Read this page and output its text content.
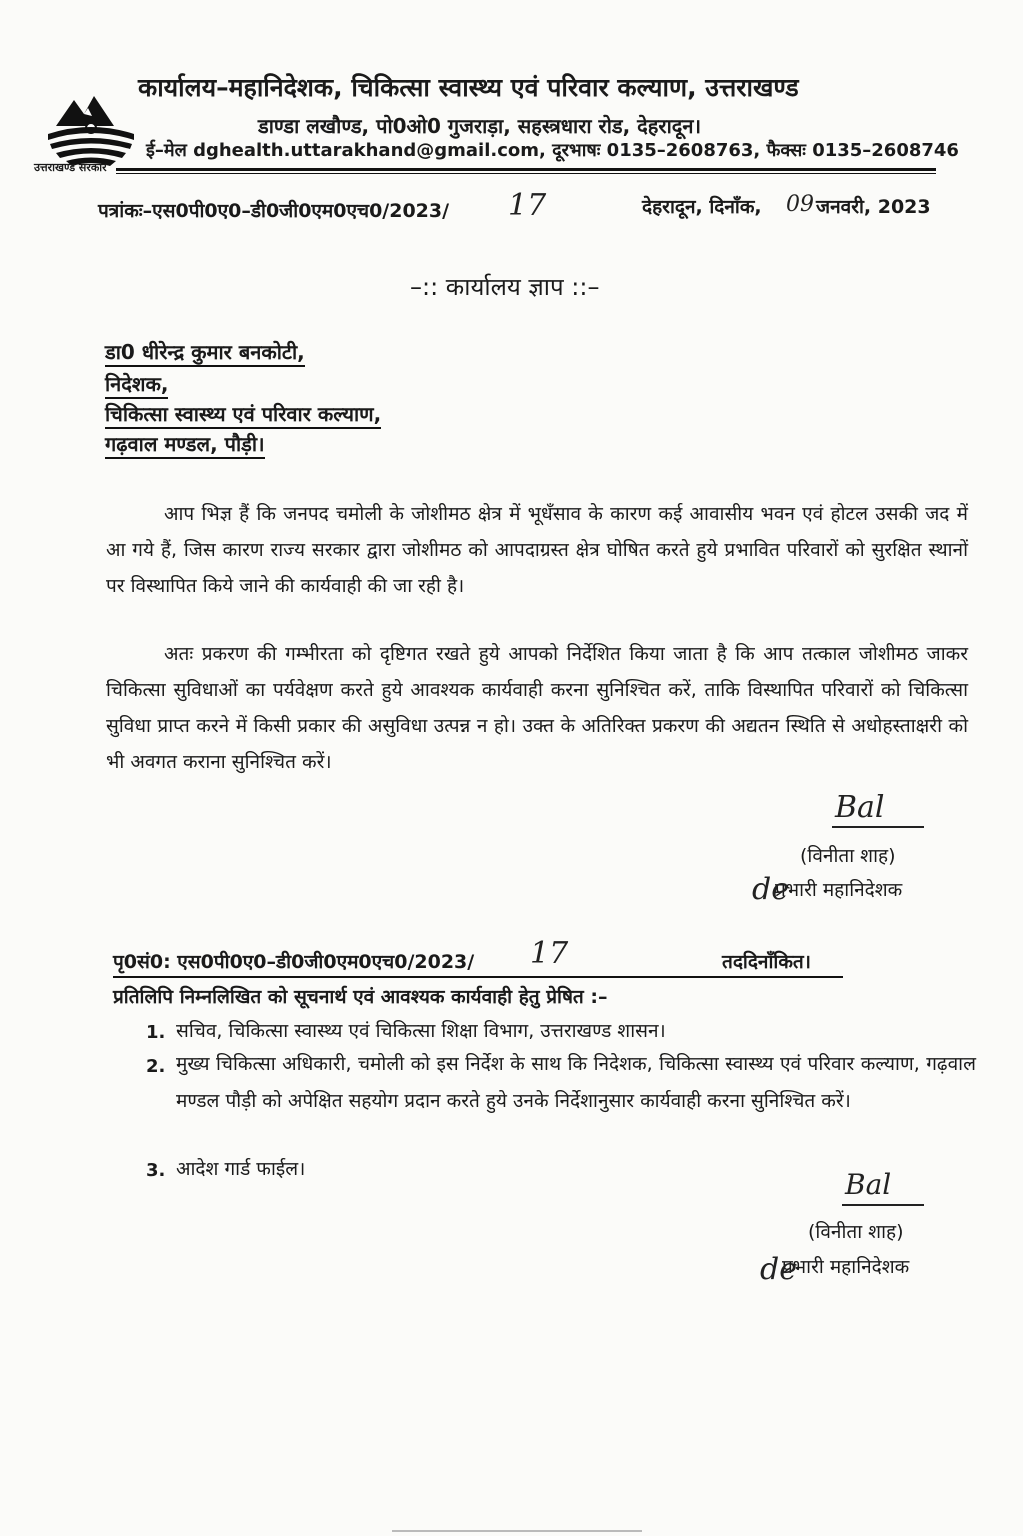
उत्तराखण्ड सरकार
कार्यालय–महानिदेशक, चिकित्सा स्वास्थ्य एवं परिवार कल्याण, उत्तराखण्ड
डाण्डा लखौण्ड, पो0ओ0 गुजराड़ा, सहस्त्रधारा रोड, देहरादून।
ई–मेल dghealth.uttarakhand@gmail.com, दूरभाषः 0135–2608763, फैक्सः 0135–2608746
पत्रांकः–एस0पी0ए0–डी0जी0एम0एच0/2023/ 17	देहरादून, दिनाँक, 09 जनवरी, 2023
–:: कार्यालय ज्ञाप ::–
डा0 धीरेन्द्र कुमार बनकोटी,
निदेशक,
चिकित्सा स्वास्थ्य एवं परिवार कल्याण,
गढ़वाल मण्डल, पौड़ी।

आप भिज्ञ हैं कि जनपद चमोली के जोशीमठ क्षेत्र में भूधँसाव के कारण कई आवासीय भवन एवं होटल उसकी जद में आ गये हैं, जिस कारण राज्य सरकार द्वारा जोशीमठ को आपदाग्रस्त क्षेत्र घोषित करते हुये प्रभावित परिवारों को सुरक्षित स्थानों पर विस्थापित किये जाने की कार्यवाही की जा रही है।

अतः प्रकरण की गम्भीरता को दृष्टिगत रखते हुये आपको निर्देशित किया जाता है कि आप तत्काल जोशीमठ जाकर चिकित्सा सुविधाओं का पर्यवेक्षण करते हुये आवश्यक कार्यवाही करना सुनिश्चित करें, ताकि विस्थापित परिवारों को चिकित्सा सुविधा प्राप्त करने में किसी प्रकार की असुविधा उत्पन्न न हो। उक्त के अतिरिक्त प्रकरण की अद्यतन स्थिति से अधोहस्ताक्षरी को भी अवगत कराना सुनिश्चित करें।

Bal
(विनीता शाह)
प्रभारी महानिदेशक
de
पृ0सं0: एस0पी0ए0–डी0जी0एम0एच0/2023/ 17	तददिनाँकित।
प्रतिलिपि निम्नलिखित को सूचनार्थ एवं आवश्यक कार्यवाही हेतु प्रेषित :–
1. सचिव, चिकित्सा स्वास्थ्य एवं चिकित्सा शिक्षा विभाग, उत्तराखण्ड शासन।

2. मुख्य चिकित्सा अधिकारी, चमोली को इस निर्देश के साथ कि निदेशक, चिकित्सा स्वास्थ्य एवं परिवार कल्याण, गढ़वाल मण्डल पौड़ी को अपेक्षित सहयोग प्रदान करते हुये उनके निर्देशानुसार कार्यवाही करना सुनिश्चित करें।

3. आदेश गार्ड फाईल।	Bal
(विनीता शाह)
प्रभारी महानिदेशक
de
